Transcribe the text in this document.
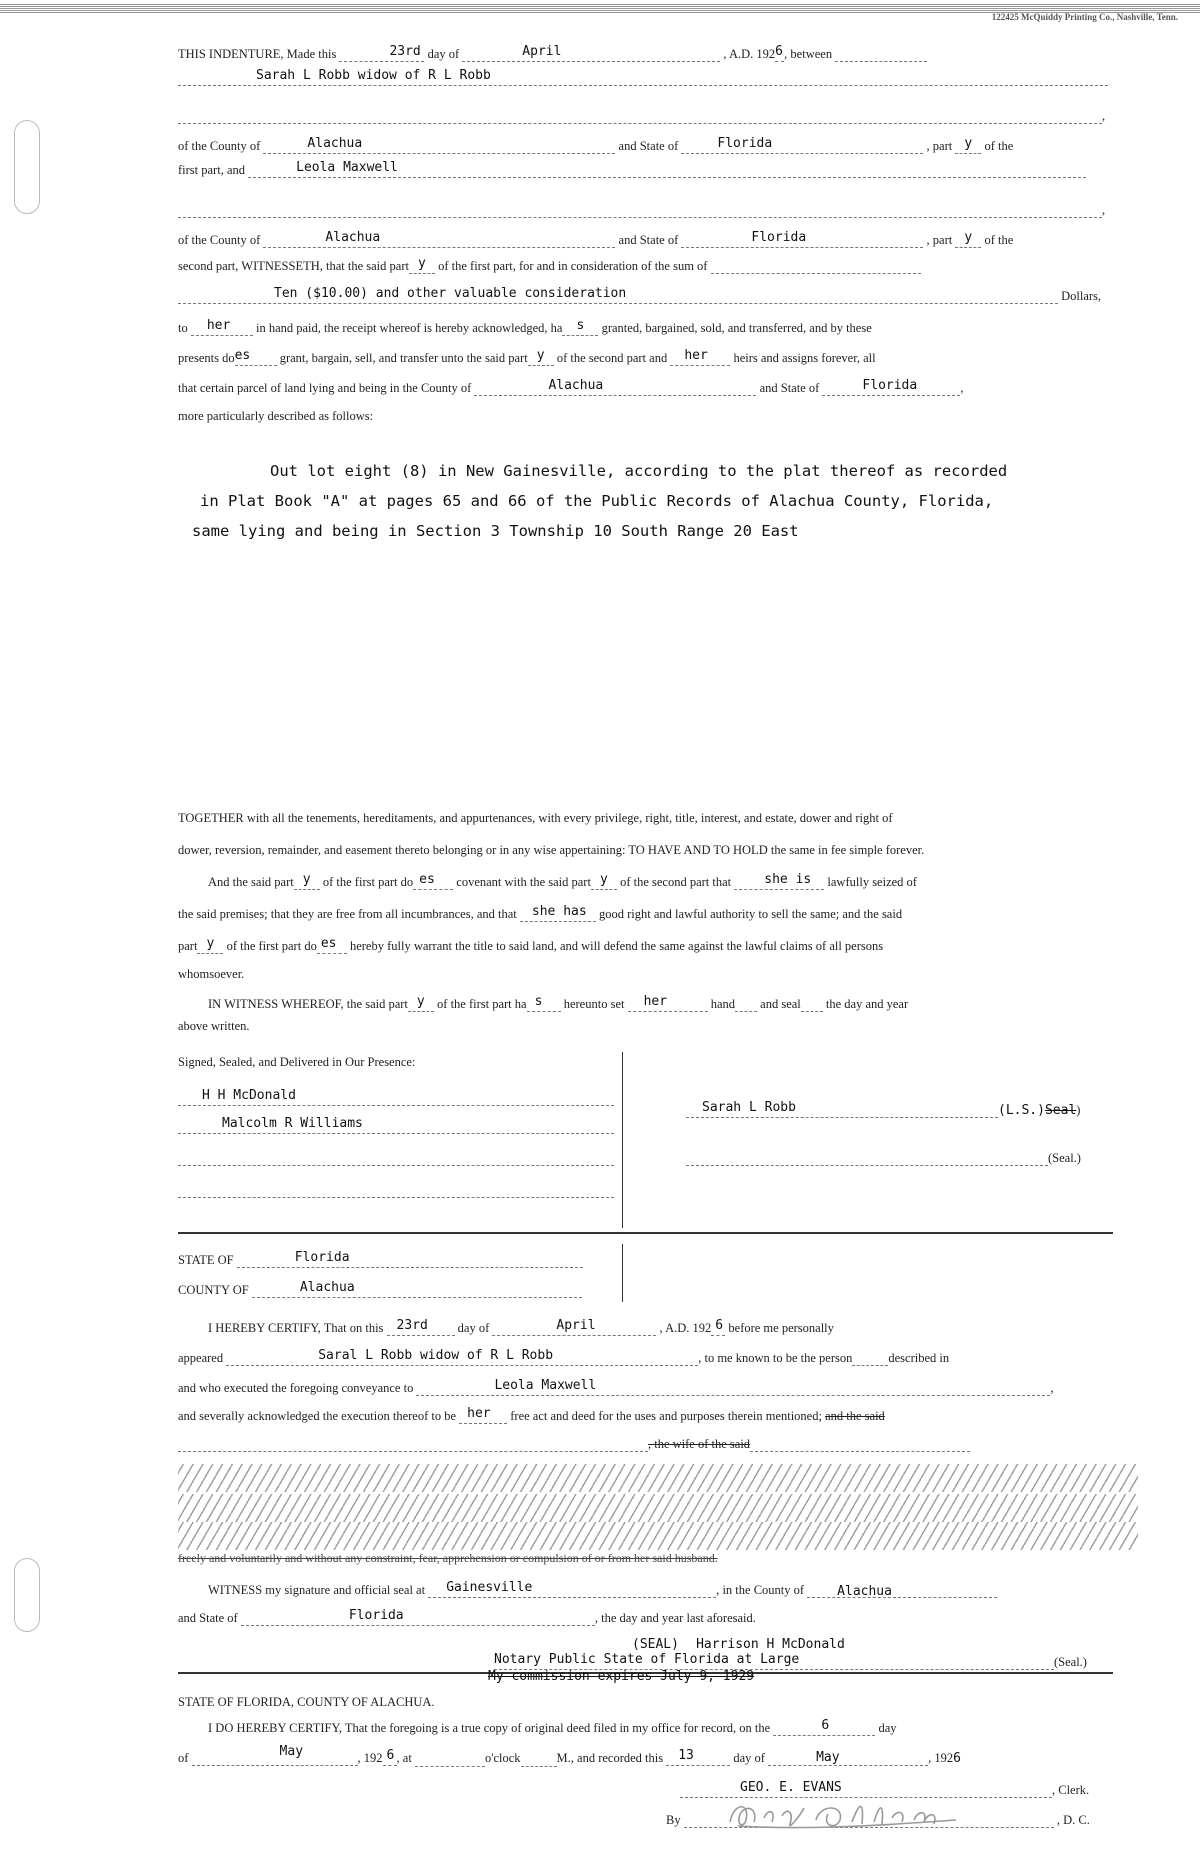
122425 McQuiddy Printing Co., Nashville, Tenn.
THIS INDENTURE, Made this	23rd day of	April	, A.D. 192 6 , between
Sarah L Robb widow of R L Robb
,
of the County of	Alachua	and State of	Florida	, part y of the
first part, and	Leola Maxwell
,
of the County of	Alachua	and State of	Florida	, part y of the
second part, WITNESSETH, that the said part y of the first part, for and in consideration of the sum of
Ten ($10.00) and other valuable consideration	Dollars,
to her in hand paid, the receipt whereof is hereby acknowledged, ha s granted, bargained, sold, and transferred, and by these
presents do es grant, bargain, sell, and transfer unto the said part y of the second part and her heirs and assigns forever, all
that certain parcel of land lying and being in the County of	Alachua	and State of	Florida	,
more particularly described as follows:
Out lot eight (8) in New Gainesville, according to the plat thereof as recorded
in Plat Book "A" at pages 65 and 66 of the Public Records of Alachua County, Florida,
same lying and being in Section 3 Township 10 South Range 20 East
TOGETHER with all the tenements, hereditaments, and appurtenances, with every privilege, right, title, interest, and estate, dower and right of
dower, reversion, remainder, and easement thereto belonging or in any wise appertaining: TO HAVE AND TO HOLD the same in fee simple forever.
And the said part y of the first part do es covenant with the said part y of the second part that	she is lawfully seized of
the said premises; that they are free from all incumbrances, and that she has good right and lawful authority to sell the same; and the said
part y of the first part do es hereby fully warrant the title to said land, and will defend the same against the lawful claims of all persons
whomsoever.
IN WITNESS WHEREOF, the said part y of the first part ha s hereunto set her	hand and seal the day and year
above written.
Signed, Sealed, and Delivered in Our Presence:
H H McDonald
Malcolm R Williams
Sarah L Robb	(L.S.)Seal)
(Seal.)
STATE OF	Florida
COUNTY OF	Alachua
I HEREBY CERTIFY, That on this 23rd day of	April	, A.D. 192 6 before me personally
appeared	Saral L Robb widow of R L Robb	, to me known to be the person	described in
and who executed the foregoing conveyance to	Leola Maxwell	,
and severally acknowledged the execution thereof to be her free act and deed for the uses and purposes therein mentioned; and the said
, the wife of the said
freely and voluntarily and without any constraint, fear, apprehension or compulsion of or from her said husband.
WITNESS my signature and official seal at Gainesville	, in the County of	Alachua
and State of	Florida	, the day and year last aforesaid.
(SEAL) Harrison H McDonald
Notary Public State of Florida at Large	(Seal.)
My commission expires July 9, 1929
STATE OF FLORIDA, COUNTY OF ALACHUA.
I DO HEREBY CERTIFY, That the foregoing is a true copy of original deed filed in my office for record, on the	6	day
of	May	, 192 6 , at	o'clock	M., and recorded this 13	day of	May	, 1926
GEO. E. EVANS	, Clerk.
By	, D. C.
